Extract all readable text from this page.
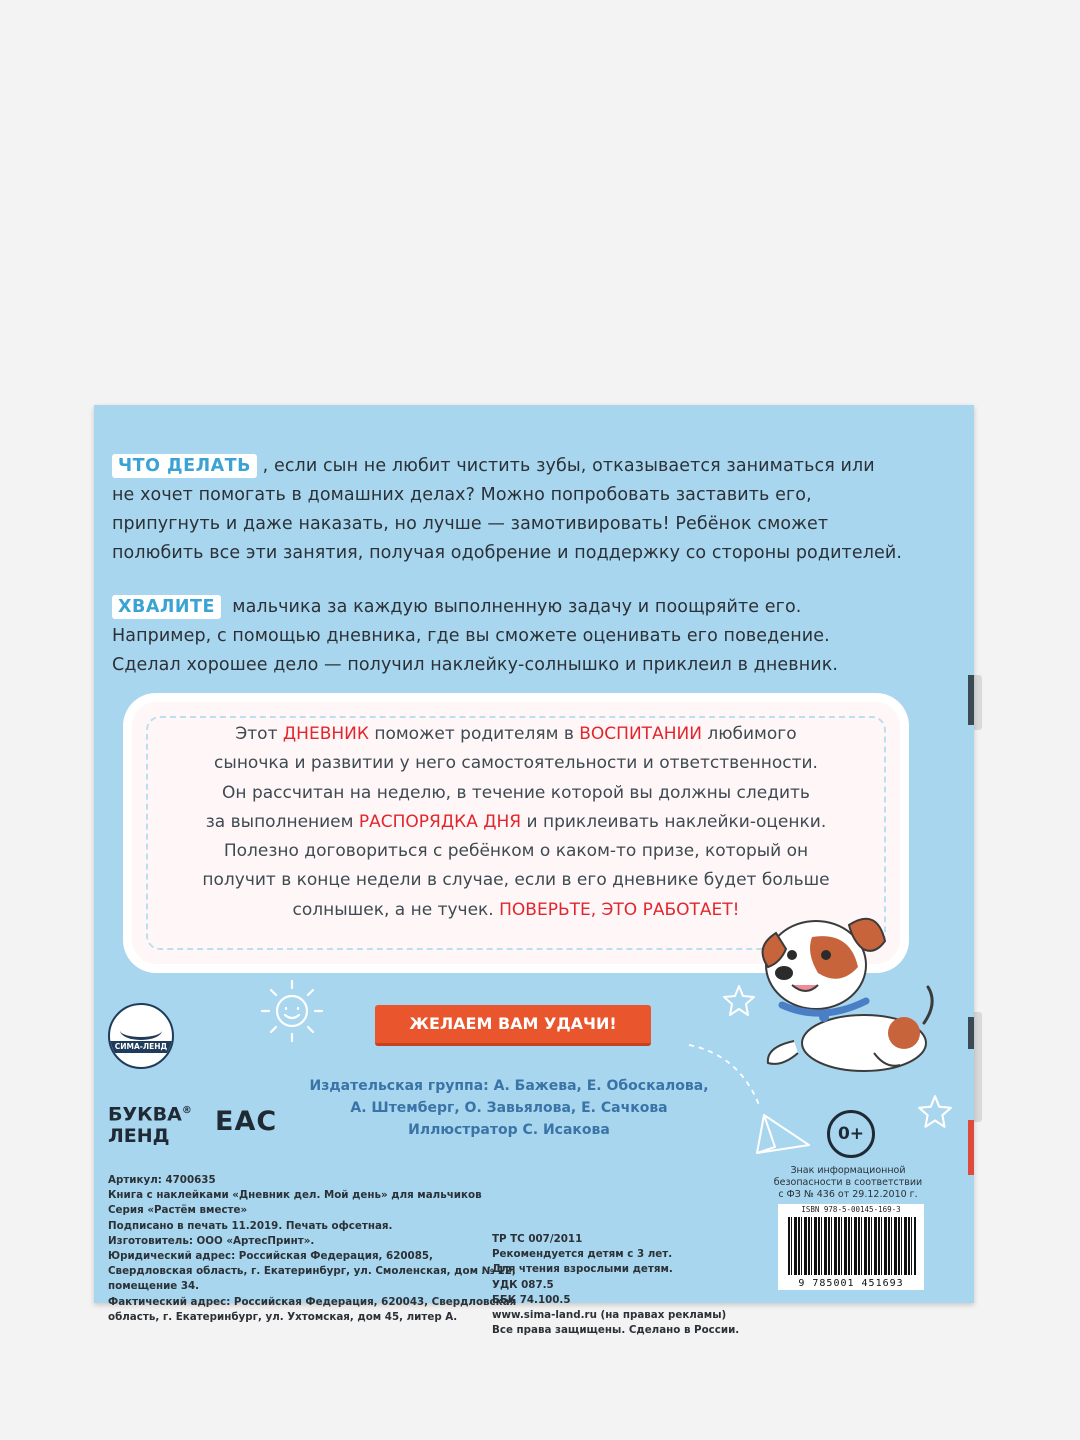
ЧТО ДЕЛАТЬ , если сын не любит чистить зубы, отказывается заниматься или

не хочет помогать в домашних делах? Можно попробовать заставить его,

припугнуть и даже наказать, но лучше — замотивировать! Ребёнок сможет

полюбить все эти занятия, получая одобрение и поддержку со стороны родителей.

ХВАЛИТЕ мальчика за каждую выполненную задачу и поощряйте его.

Например, с помощью дневника, где вы сможете оценивать его поведение.

Сделал хорошее дело — получил наклейку-солнышко и приклеил в дневник.

Этот ДНЕВНИК поможет родителям в ВОСПИТАНИИ любимого

сыночка и развитии у него самостоятельности и ответственности.

Он рассчитан на неделю, в течение которой вы должны следить

за выполнением РАСПОРЯДКА ДНЯ и приклеивать наклейки-оценки.

Полезно договориться с ребёнком о каком-то призе, который он

получит в конце недели в случае, если в его дневнике будет больше

солнышек, а не тучек. ПОВЕРЬТЕ, ЭТО РАБОТАЕТ!

ЖЕЛАЕМ ВАМ УДАЧИ!

Издательская группа: А. Бажева, Е. Обоскалова,

А. Штемберг, О. Завьялова, Е. Сачкова

Иллюстратор С. Исакова

СИМА-ЛЕНД

БУКВА®

ЛЕНД	EAC	0+

Знак информационной

безопасности в соответствии

с ФЗ № 436 от 29.12.2010 г.

ISBN 978-5-00145-169-3
9 785001 451693

Артикул: 4700635

Книга с наклейками «Дневник дел. Мой день» для мальчиков

Серия «Растём вместе»

Подписано в печать 11.2019. Печать офсетная.

Изготовитель: ООО «АртесПринт».

Юридический адрес: Российская Федерация, 620085,

Свердловская область, г. Екатеринбург, ул. Смоленская, дом № 12,

помещение 34.

Фактический адрес: Российская Федерация, 620043, Свердловская

область, г. Екатеринбург, ул. Ухтомская, дом 45, литер А.

ТР ТС 007/2011

Рекомендуется детям с 3 лет.

Для чтения взрослыми детям.

УДК 087.5

ББК 74.100.5

www.sima-land.ru (на правах рекламы)

Все права защищены. Сделано в России.
